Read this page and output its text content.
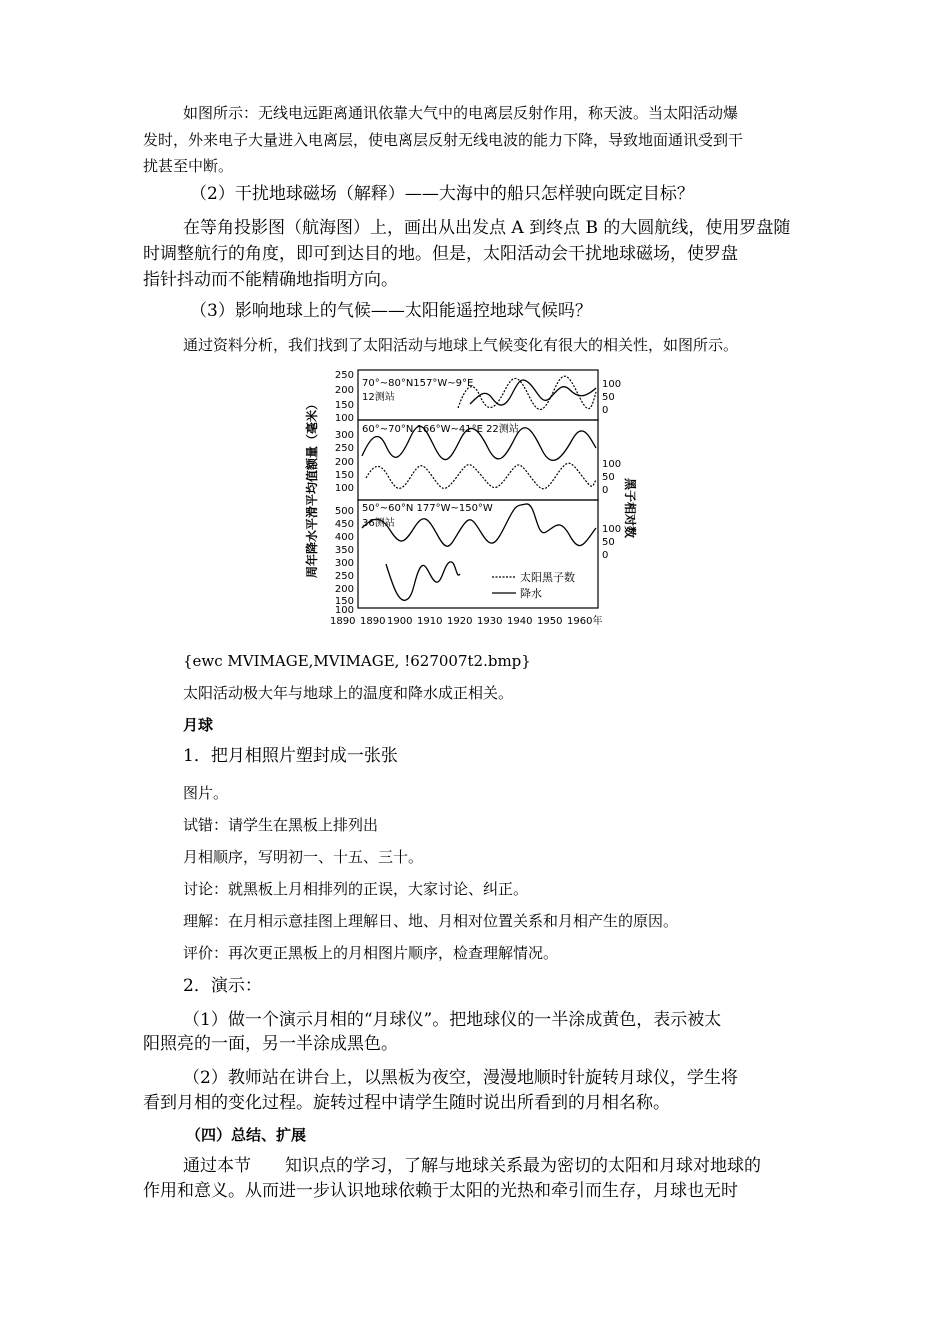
如图所示：无线电远距离通讯依靠大气中的电离层反射作用，称天波。当太阳活动爆
发时，外来电子大量进入电离层，使电离层反射无线电波的能力下降，导致地面通讯受到干
扰甚至中断。
（2）干扰地球磁场（解释）——大海中的船只怎样驶向既定目标？
在等角投影图（航海图）上，画出从出发点 A 到终点 B 的大圆航线，使用罗盘随
时调整航行的角度，即可到达目的地。但是，太阳活动会干扰地球磁场，使罗盘
指针抖动而不能精确地指明方向。
（3）影响地球上的气候——太阳能遥控地球气候吗？
通过资料分析，我们找到了太阳活动与地球上气候变化有很大的相关性，如图所示。
周年降水平滑平均值额量（毫米）	黑子相对数
70°~80°N157°W~9°E
12测站
250
200
150
100
100
50
0
60°~70°N 166°W~41°E 22测站
300
250
200
150
100
100
50
0
50°~60°N 177°W~150°W
36测站
500
450
400
350
300
250
200
150
100
100
50
0
1890 1890 1900 1910 1920 1930 1940 1950 1960年
太阳黑子数
降水
{ewc MVIMAGE,MVIMAGE, !627007t2.bmp}
太阳活动极大年与地球上的温度和降水成正相关。
月球
1．把月相照片塑封成一张张
图片。
试错：请学生在黑板上排列出
月相顺序，写明初一、十五、三十。
讨论：就黑板上月相排列的正误，大家讨论、纠正。
理解：在月相示意挂图上理解日、地、月相对位置关系和月相产生的原因。
评价：再次更正黑板上的月相图片顺序，检查理解情况。
2．演示：
（1）做一个演示月相的“月球仪”。把地球仪的一半涂成黄色，表示被太
阳照亮的一面，另一半涂成黑色。
（2）教师站在讲台上，以黑板为夜空，漫漫地顺时针旋转月球仪，学生将
看到月相的变化过程。旋转过程中请学生随时说出所看到的月相名称。
（四）总结、扩展
通过本节　　知识点的学习，了解与地球关系最为密切的太阳和月球对地球的
作用和意义。从而进一步认识地球依赖于太阳的光热和牵引而生存，月球也无时
